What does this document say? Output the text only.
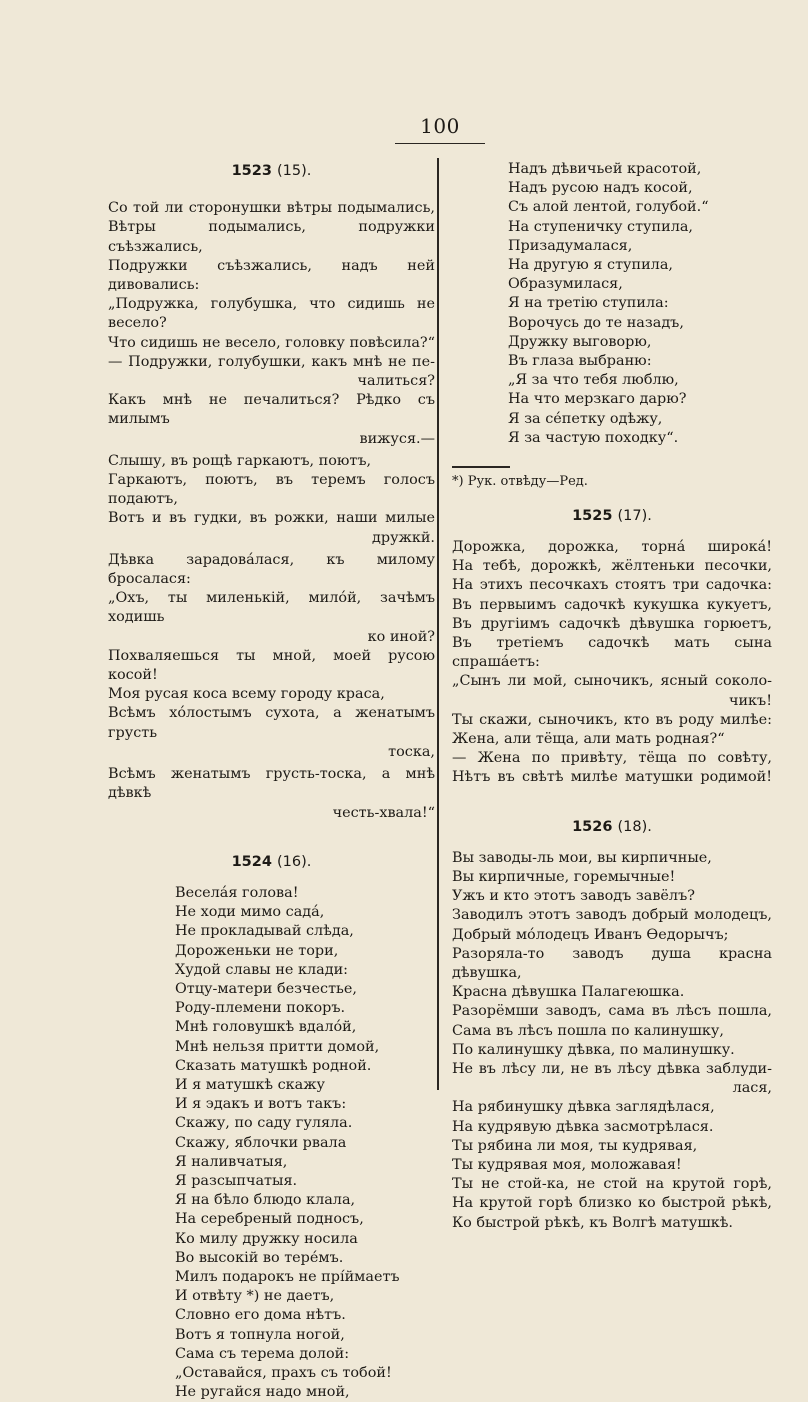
100
1523 (15).
Со той ли сторонушки вѣтры подымались,
Вѣтры подымались, подружки съѣзжались,
Подружки съѣзжались, надъ ней дивовались:
„Подружка, голубушка, что сидишь не весело?
Что сидишь не весело, головку повѣсила?“
— Подружки, голубушки, какъ мнѣ не пе-
чалиться?
Какъ мнѣ не печалиться? Рѣдко съ милымъ
вижуся.—
Слышу, въ рощѣ гаркаютъ, поютъ,
Гаркаютъ, поютъ, въ теремъ голосъ подаютъ,
Вотъ и въ гудки, въ рожки, наши милые
дружкй.
Дѣвка зарадовáлася, къ милому бросалася:
„Охъ, ты миленькій, милóй, зачѣмъ ходишь
ко иной?
Похваляешься ты мной, моей русою косой!
Моя русая коса всему городу краса,
Всѣмъ хóлостымъ сухота, а женатымъ грусть
тоска,
Всѣмъ женатымъ грусть-тоска, а мнѣ дѣвкѣ
честь-хвала!“
1524 (16).
Веселáя голова!
Не ходи мимо садá,
Не прокладывай слѣда,
Дороженьки не тори,
Худой славы не клади:
Отцу-матери безчестье,
Роду-племени покоръ.
Мнѣ головушкѣ вдалóй,
Мнѣ нельзя притти домой,
Сказать матушкѣ родной.
И я матушкѣ скажу
И я эдакъ и вотъ такъ:
Скажу, по саду гуляла.
Скажу, яблочки рвала
Я наливчатыя,
Я разсыпчатыя.
Я на бѣло блюдо клала,
На серебреный подносъ,
Ко милу дружку носила
Во высокій во терéмъ.
Милъ подарокъ не прíймаетъ
И отвѣту *) не даетъ,
Словно его дома нѣтъ.
Вотъ я топнула ногой,
Сама съ терема долой:
„Оставайся, прахъ съ тобой!
Не ругайся надо мной,
Надъ дѣвичьей красотой,
Надъ русою надъ косой,
Съ алой лентой, голубой.“
На ступеничку ступила,
Призадумалася,
На другую я ступила,
Образумилася,
Я на третію ступила:
Ворочусь до те назадъ,
Дружку выговорю,
Въ глаза выбраню:
„Я за что тебя люблю,
На что мерзкаго дарю?
Я за сéпетку одѣжу,
Я за частую походку“.
*) Рук. отвѣду—Ред.
1525 (17).
Дорожка, дорожка, торнá широкá!
На тебѣ, дорожкѣ, жёлтеньки песочки,
На этихъ песочкахъ стоятъ три садочка:
Въ первыимъ садочкѣ кукушка кукуетъ,
Въ другіимъ садочкѣ дѣвушка горюетъ,
Въ третіемъ садочкѣ мать сына спрашáетъ:
„Сынъ ли мой, сыночикъ, ясный соколо-
чикъ!
Ты скажи, сыночикъ, кто въ роду милѣе:
Жена, али тёща, али мать родная?“
— Жена по привѣту, тёща по совѣту,
Нѣтъ въ свѣтѣ милѣе матушки родимой!
1526 (18).
Вы заводы-ль мои, вы кирпичные,
Вы кирпичные, горемычные!
Ужъ и кто этотъ заводъ завёлъ?
Заводилъ этотъ заводъ добрый молодецъ,
Добрый мóлодецъ Иванъ Ѳедорычъ;
Разоряла-то заводъ душа красна дѣвушка,
Красна дѣвушка Палагеюшка.
Разорёмши заводъ, сама въ лѣсъ пошла,
Сама въ лѣсъ пошла по калинушку,
По калинушку дѣвка, по малинушку.
Не въ лѣсу ли, не въ лѣсу дѣвка заблуди-
лася,
На рябинушку дѣвка заглядѣлася,
На кудрявую дѣвка засмотрѣлася.
Ты рябина ли моя, ты кудрявая,
Ты кудрявая моя, моложавая!
Ты не стой-ка, не стой на крутой горѣ,
На крутой горѣ близко ко быстрой рѣкѣ,
Ко быстрой рѣкѣ, къ Волгѣ матушкѣ.
